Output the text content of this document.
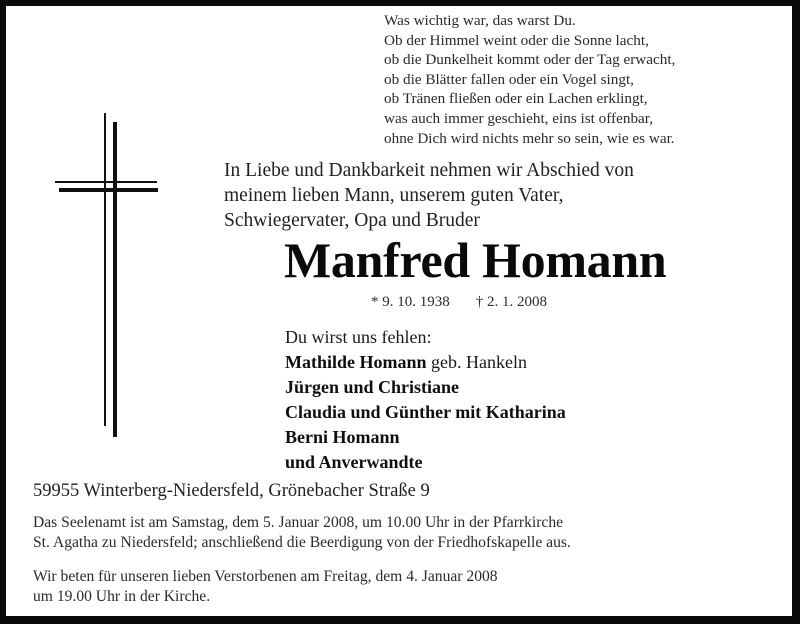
Was wichtig war, das warst Du.
Ob der Himmel weint oder die Sonne lacht,
ob die Dunkelheit kommt oder der Tag erwacht,
ob die Blätter fallen oder ein Vogel singt,
ob Tränen fließen oder ein Lachen erklingt,
was auch immer geschieht, eins ist offenbar,
ohne Dich wird nichts mehr so sein, wie es war.
In Liebe und Dankbarkeit nehmen wir Abschied von
meinem lieben Mann, unserem guten Vater,
Schwiegervater, Opa und Bruder
Manfred Homann
* 9. 10. 1938 † 2. 1. 2008
Du wirst uns fehlen:
Mathilde Homann geb. Hankeln
Jürgen und Christiane
Claudia und Günther mit Katharina
Berni Homann
und Anverwandte
59955 Winterberg-Niedersfeld, Grönebacher Straße 9
Das Seelenamt ist am Samstag, dem 5. Januar 2008, um 10.00 Uhr in der Pfarrkirche
St. Agatha zu Niedersfeld; anschließend die Beerdigung von der Friedhofskapelle aus.
Wir beten für unseren lieben Verstorbenen am Freitag, dem 4. Januar 2008
um 19.00 Uhr in der Kirche.
